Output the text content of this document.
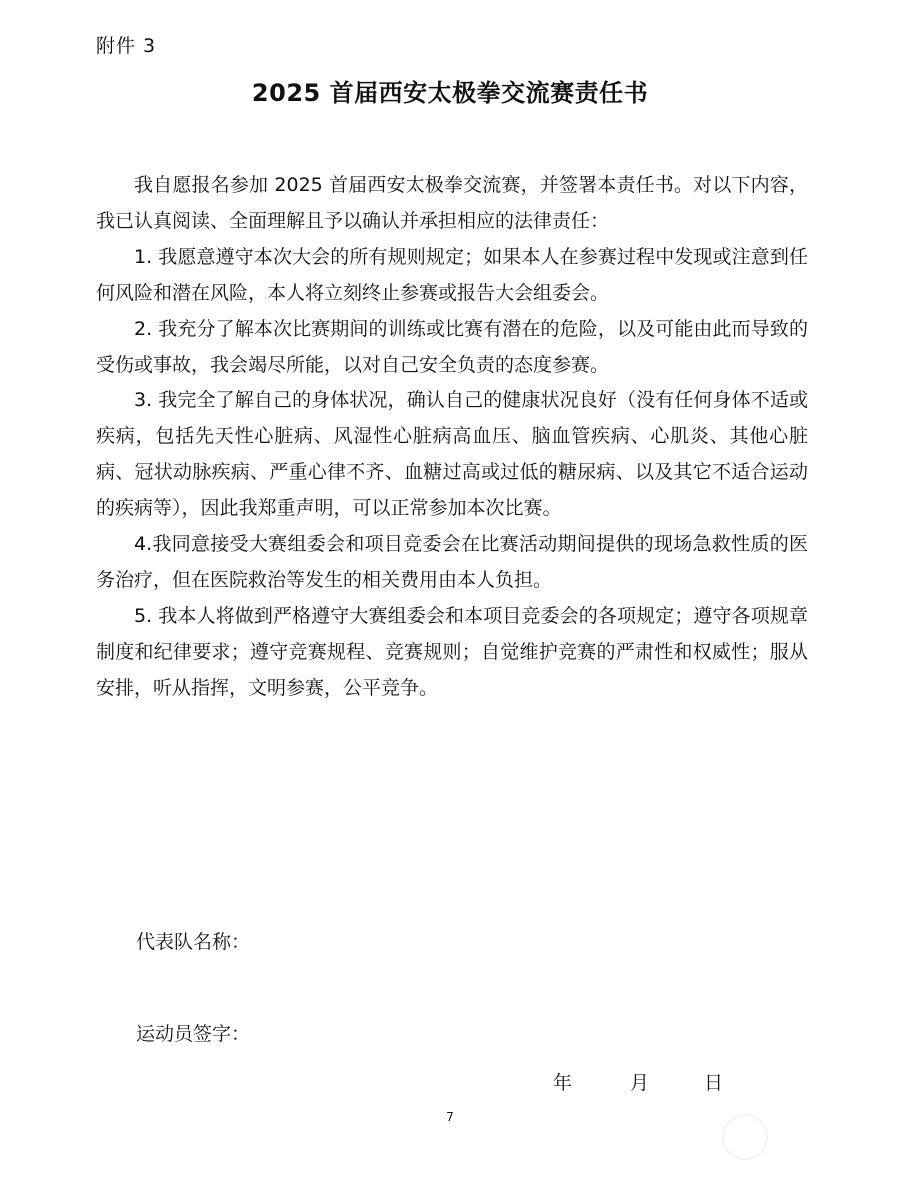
附件 3
2025 首届西安太极拳交流赛责任书

我自愿报名参加 2025 首届西安太极拳交流赛，并签署本责任书。对以下内容，我已认真阅读、全面理解且予以确认并承担相应的法律责任：

1. 我愿意遵守本次大会的所有规则规定；如果本人在参赛过程中发现或注意到任何风险和潜在风险，本人将立刻终止参赛或报告大会组委会。

2. 我充分了解本次比赛期间的训练或比赛有潜在的危险，以及可能由此而导致的受伤或事故，我会竭尽所能，以对自己安全负责的态度参赛。

3. 我完全了解自己的身体状况，确认自己的健康状况良好（没有任何身体不适或疾病，包括先天性心脏病、风湿性心脏病高血压、脑血管疾病、心肌炎、其他心脏病、冠状动脉疾病、严重心律不齐、血糖过高或过低的糖尿病、以及其它不适合运动的疾病等），因此我郑重声明，可以正常参加本次比赛。

4.我同意接受大赛组委会和项目竞委会在比赛活动期间提供的现场急救性质的医务治疗，但在医院救治等发生的相关费用由本人负担。

5. 我本人将做到严格遵守大赛组委会和本项目竞委会的各项规定；遵守各项规章制度和纪律要求；遵守竞赛规程、竞赛规则；自觉维护竞赛的严肃性和权威性；服从安排，听从指挥，文明参赛，公平竞争。

代表队名称：
运动员签字：
年	月	日
7
